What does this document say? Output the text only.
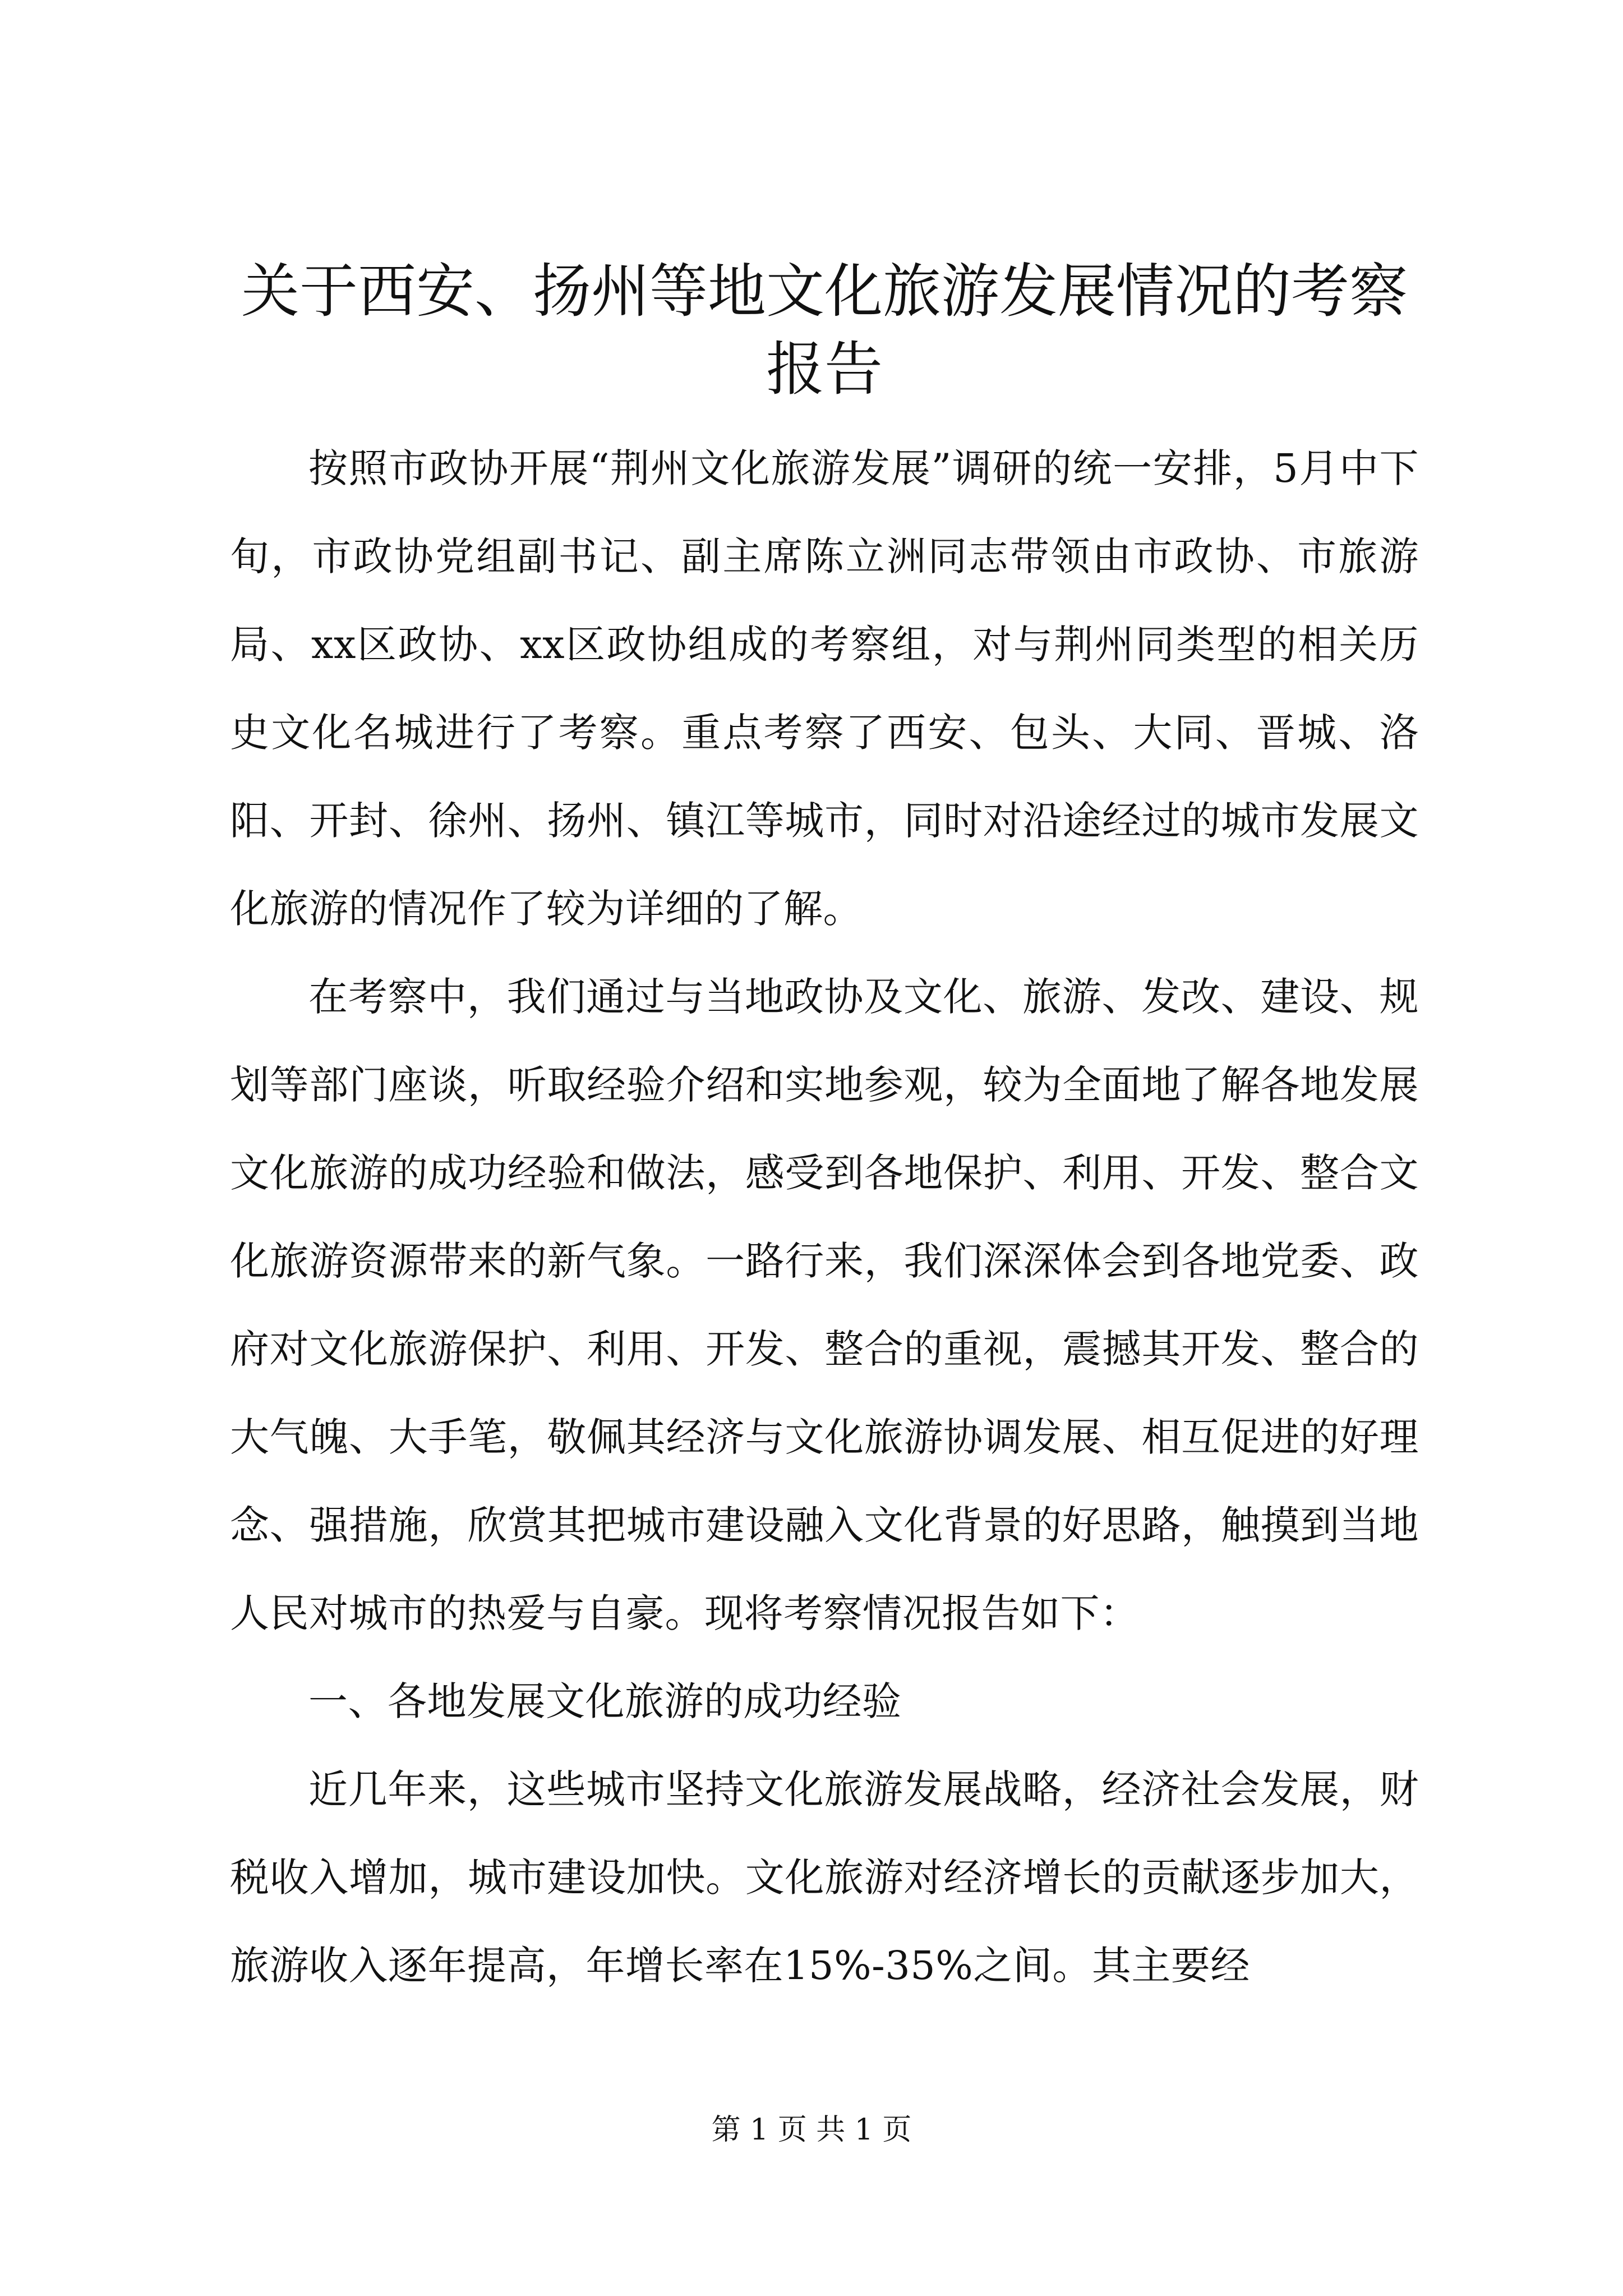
关于西安、扬州等地文化旅游发展情况的考察报告

按照市政协开展“荆州文化旅游发展”调研的统一安排，5月中下旬，市政协党组副书记、副主席陈立洲同志带领由市政协、市旅游局、xx区政协、xx区政协组成的考察组，对与荆州同类型的相关历史文化名城进行了考察。重点考察了西安、包头、大同、晋城、洛阳、开封、徐州、扬州、镇江等城市，同时对沿途经过的城市发展文化旅游的情况作了较为详细的了解。

在考察中，我们通过与当地政协及文化、旅游、发改、建设、规划等部门座谈，听取经验介绍和实地参观，较为全面地了解各地发展文化旅游的成功经验和做法，感受到各地保护、利用、开发、整合文化旅游资源带来的新气象。一路行来，我们深深体会到各地党委、政府对文化旅游保护、利用、开发、整合的重视，震撼其开发、整合的大气魄、大手笔，敬佩其经济与文化旅游协调发展、相互促进的好理念、强措施，欣赏其把城市建设融入文化背景的好思路，触摸到当地人民对城市的热爱与自豪。现将考察情况报告如下：

一、各地发展文化旅游的成功经验

近几年来，这些城市坚持文化旅游发展战略，经济社会发展，财税收入增加，城市建设加快。文化旅游对经济增长的贡献逐步加大，旅游收入逐年提高，年增长率在15%-35%之间。其主要经

第 1 页 共 1 页
